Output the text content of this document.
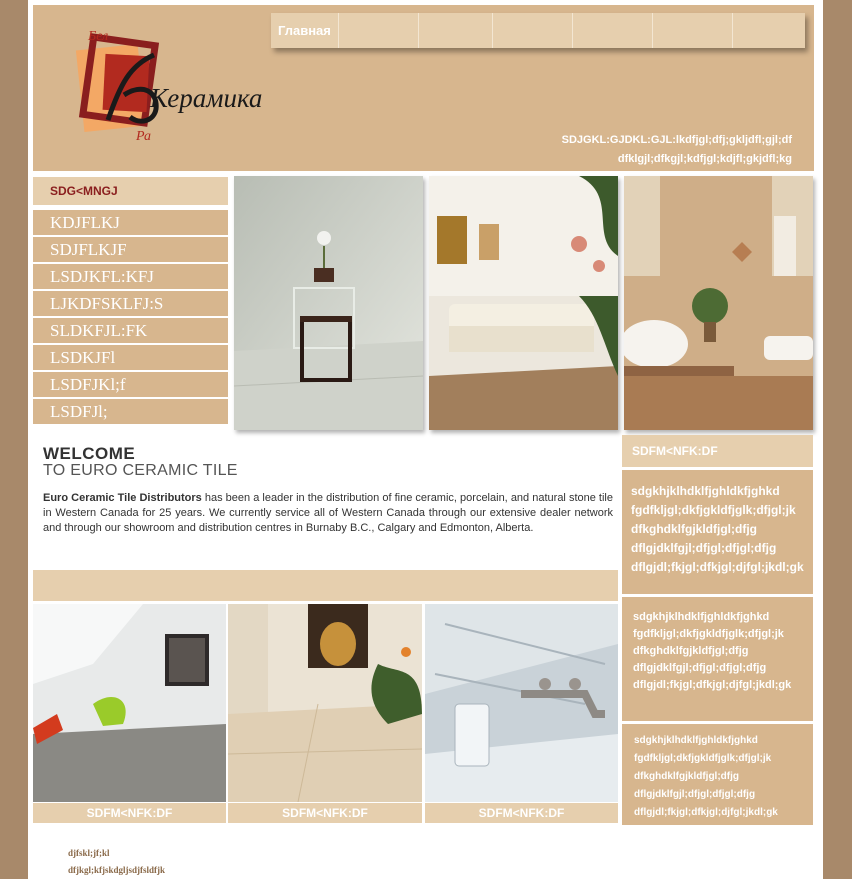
Бел
Керамика
Ра
Главная
SDJGKL:GJDKL:GJL:lkdfjgl;dfj;gkljdfl;gjl;df
dfklgjl;dfkgjl;kdfjgl;kdjfl;gkjdfl;kg
SDG<MNGJ
KDJFLKJ
SDJFLKJF
LSDJKFL:KFJ
LJKDFSKLFJ:S
SLDKFJL:FK
LSDKJFl
LSDFJKl;f
LSDFJl;
WELCOME
TO EURO CERAMIC TILE
Euro Ceramic Tile Distributors has been a leader in the distribution of fine ceramic, porcelain, and natural stone tile in Western Canada for 25 years. We currently service all of Western Canada through our extensive dealer network and through our showroom and distribution centres in Burnaby B.C., Calgary and Edmonton, Alberta.
SDFM<NFK:DF	SDFM<NFK:DF	SDFM<NFK:DF
SDFM<NFK:DF
sdgkhjklhdklfjghldkfjghkd
fgdfkljgl;dkfjgkldfjglk;dfjgl;jk
dfkghdklfgjkldfjgl;dfjg
dflgjdklfgjl;dfjgl;dfjgl;dfjg
dflgjdl;fkjgl;dfkjgl;djfgl;jkdl;gk
sdgkhjklhdklfjghldkfjghkd
fgdfkljgl;dkfjgkldfjglk;dfjgl;jk
dfkghdklfgjkldfjgl;dfjg
dflgjdklfgjl;dfjgl;dfjgl;dfjg
dflgjdl;fkjgl;dfkjgl;djfgl;jkdl;gk
sdgkhjklhdklfjghldkfjghkd
fgdfkljgl;dkfjgkldfjglk;dfjgl;jk
dfkghdklfgjkldfjgl;dfjg
dflgjdklfgjl;dfjgl;dfjgl;dfjg
dflgjdl;fkjgl;dfkjgl;djfgl;jkdl;gk
djfskl;jf;kl
dfjkgl;kfjskdgljsdjfsldfjk
